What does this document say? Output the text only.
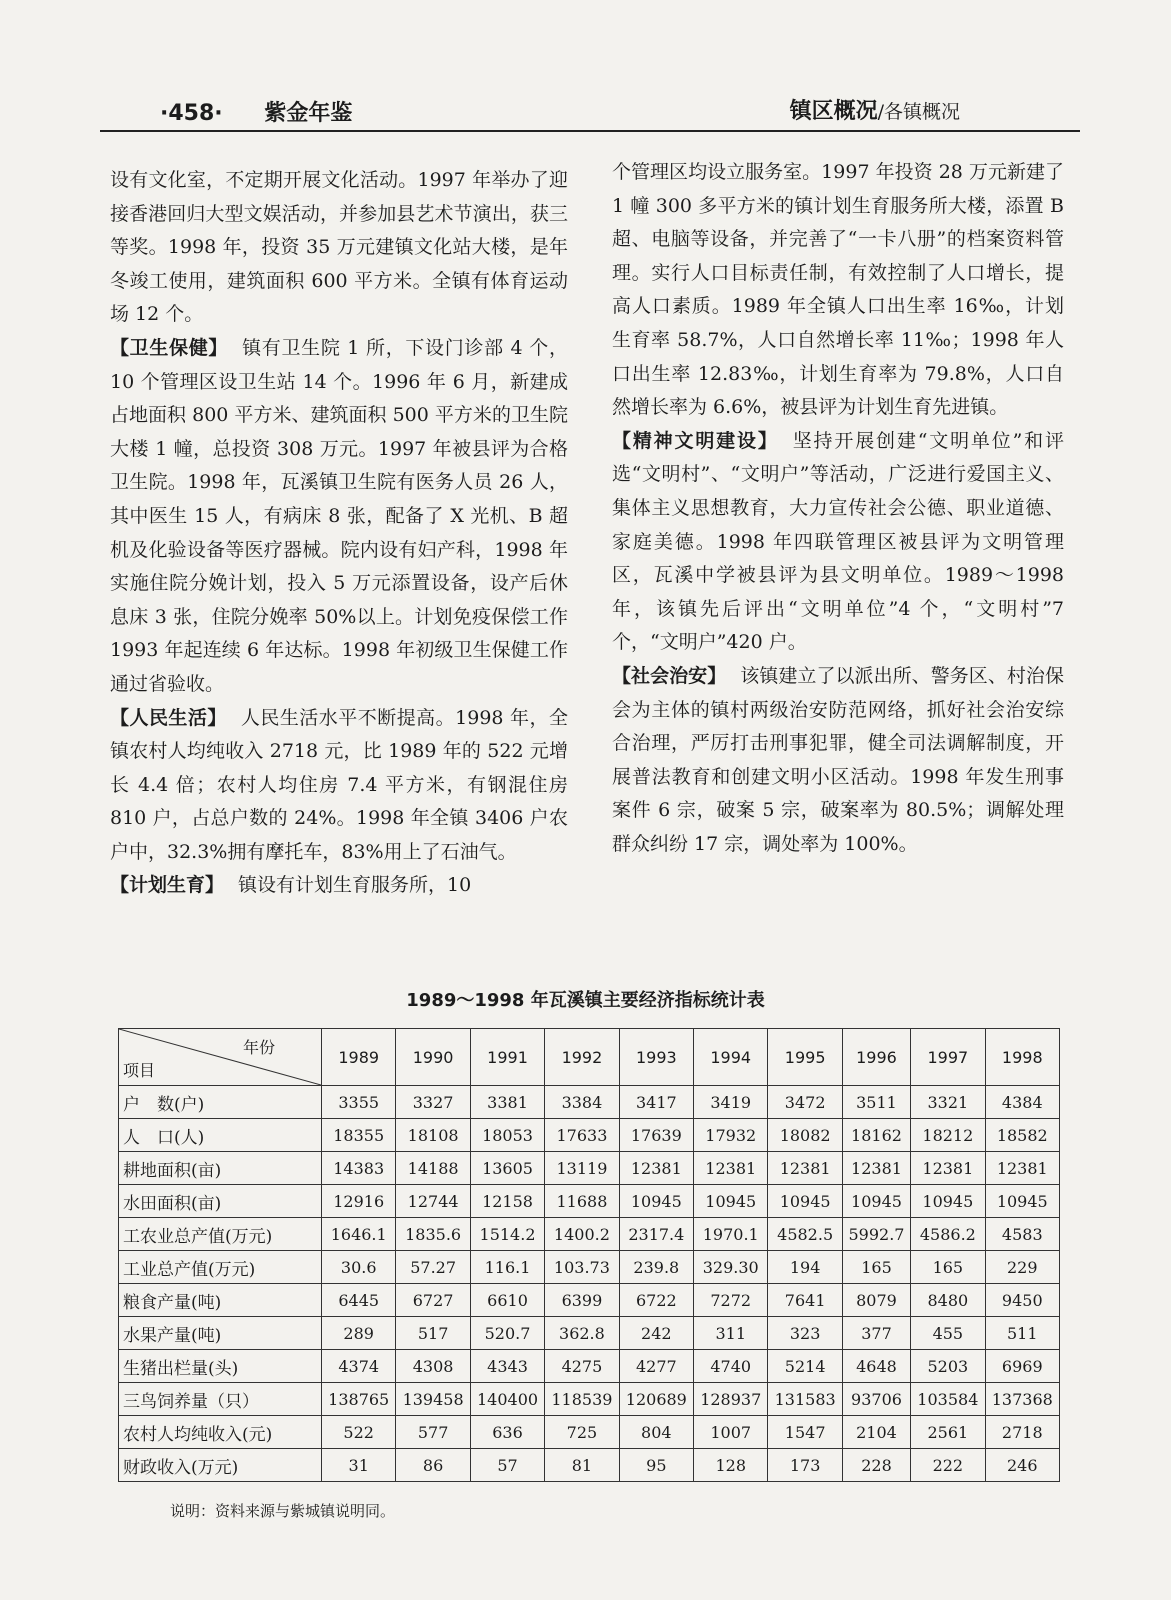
·458· 紫金年鉴	镇区概况/各镇概况

设有文化室，不定期开展文化活动。1997 年举办了迎接香港回归大型文娱活动，并参加县艺术节演出，获三等奖。1998 年，投资 35 万元建镇文化站大楼，是年冬竣工使用，建筑面积 600 平方米。全镇有体育运动场 12 个。

【卫生保健】 镇有卫生院 1 所，下设门诊部 4 个，10 个管理区设卫生站 14 个。1996 年 6 月，新建成占地面积 800 平方米、建筑面积 500 平方米的卫生院大楼 1 幢，总投资 308 万元。1997 年被县评为合格卫生院。1998 年，瓦溪镇卫生院有医务人员 26 人，其中医生 15 人，有病床 8 张，配备了 X 光机、B 超机及化验设备等医疗器械。院内设有妇产科，1998 年实施住院分娩计划，投入 5 万元添置设备，设产后休息床 3 张，住院分娩率 50%以上。计划免疫保偿工作 1993 年起连续 6 年达标。1998 年初级卫生保健工作通过省验收。

【人民生活】 人民生活水平不断提高。1998 年，全镇农村人均纯收入 2718 元，比 1989 年的 522 元增长 4.4 倍；农村人均住房 7.4 平方米，有钢混住房 810 户，占总户数的 24%。1998 年全镇 3406 户农户中，32.3%拥有摩托车，83%用上了石油气。

【计划生育】 镇设有计划生育服务所，10

个管理区均设立服务室。1997 年投资 28 万元新建了 1 幢 300 多平方米的镇计划生育服务所大楼，添置 B 超、电脑等设备，并完善了“一卡八册”的档案资料管理。实行人口目标责任制，有效控制了人口增长，提高人口素质。1989 年全镇人口出生率 16‰，计划生育率 58.7%，人口自然增长率 11‰；1998 年人口出生率 12.83‰，计划生育率为 79.8%，人口自然增长率为 6.6%，被县评为计划生育先进镇。

【精神文明建设】 坚持开展创建“文明单位”和评选“文明村”、“文明户”等活动，广泛进行爱国主义、集体主义思想教育，大力宣传社会公德、职业道德、家庭美德。1998 年四联管理区被县评为文明管理区，瓦溪中学被县评为县文明单位。1989～1998 年，该镇先后评出“文明单位”4 个，“文明村”7 个，“文明户”420 户。

【社会治安】 该镇建立了以派出所、警务区、村治保会为主体的镇村两级治安防范网络，抓好社会治安综合治理，严厉打击刑事犯罪，健全司法调解制度，开展普法教育和创建文明小区活动。1998 年发生刑事案件 6 宗，破案 5 宗，破案率为 80.5%；调解处理群众纠纷 17 宗，调处率为 100%。

1989～1998 年瓦溪镇主要经济指标统计表
年份
项目	1989	1990	1991	1992	1993	1994	1995	1996	1997	1998
户　数(户)	3355	3327	3381	3384	3417	3419	3472	3511	3321	4384
人　口(人)	18355	18108	18053	17633	17639	17932	18082	18162	18212	18582
耕地面积(亩)	14383	14188	13605	13119	12381	12381	12381	12381	12381	12381
水田面积(亩)	12916	12744	12158	11688	10945	10945	10945	10945	10945	10945
工农业总产值(万元)	1646.1	1835.6	1514.2	1400.2	2317.4	1970.1	4582.5	5992.7	4586.2	4583
工业总产值(万元)	30.6	57.27	116.1	103.73	239.8	329.30	194	165	165	229
粮食产量(吨)	6445	6727	6610	6399	6722	7272	7641	8079	8480	9450
水果产量(吨)	289	517	520.7	362.8	242	311	323	377	455	511
生猪出栏量(头)	4374	4308	4343	4275	4277	4740	5214	4648	5203	6969
三鸟饲养量（只）	138765	139458	140400	118539	120689	128937	131583	93706	103584	137368
农村人均纯收入(元)	522	577	636	725	804	1007	1547	2104	2561	2718
财政收入(万元)	31	86	57	81	95	128	173	228	222	246
说明：资料来源与紫城镇说明同。
